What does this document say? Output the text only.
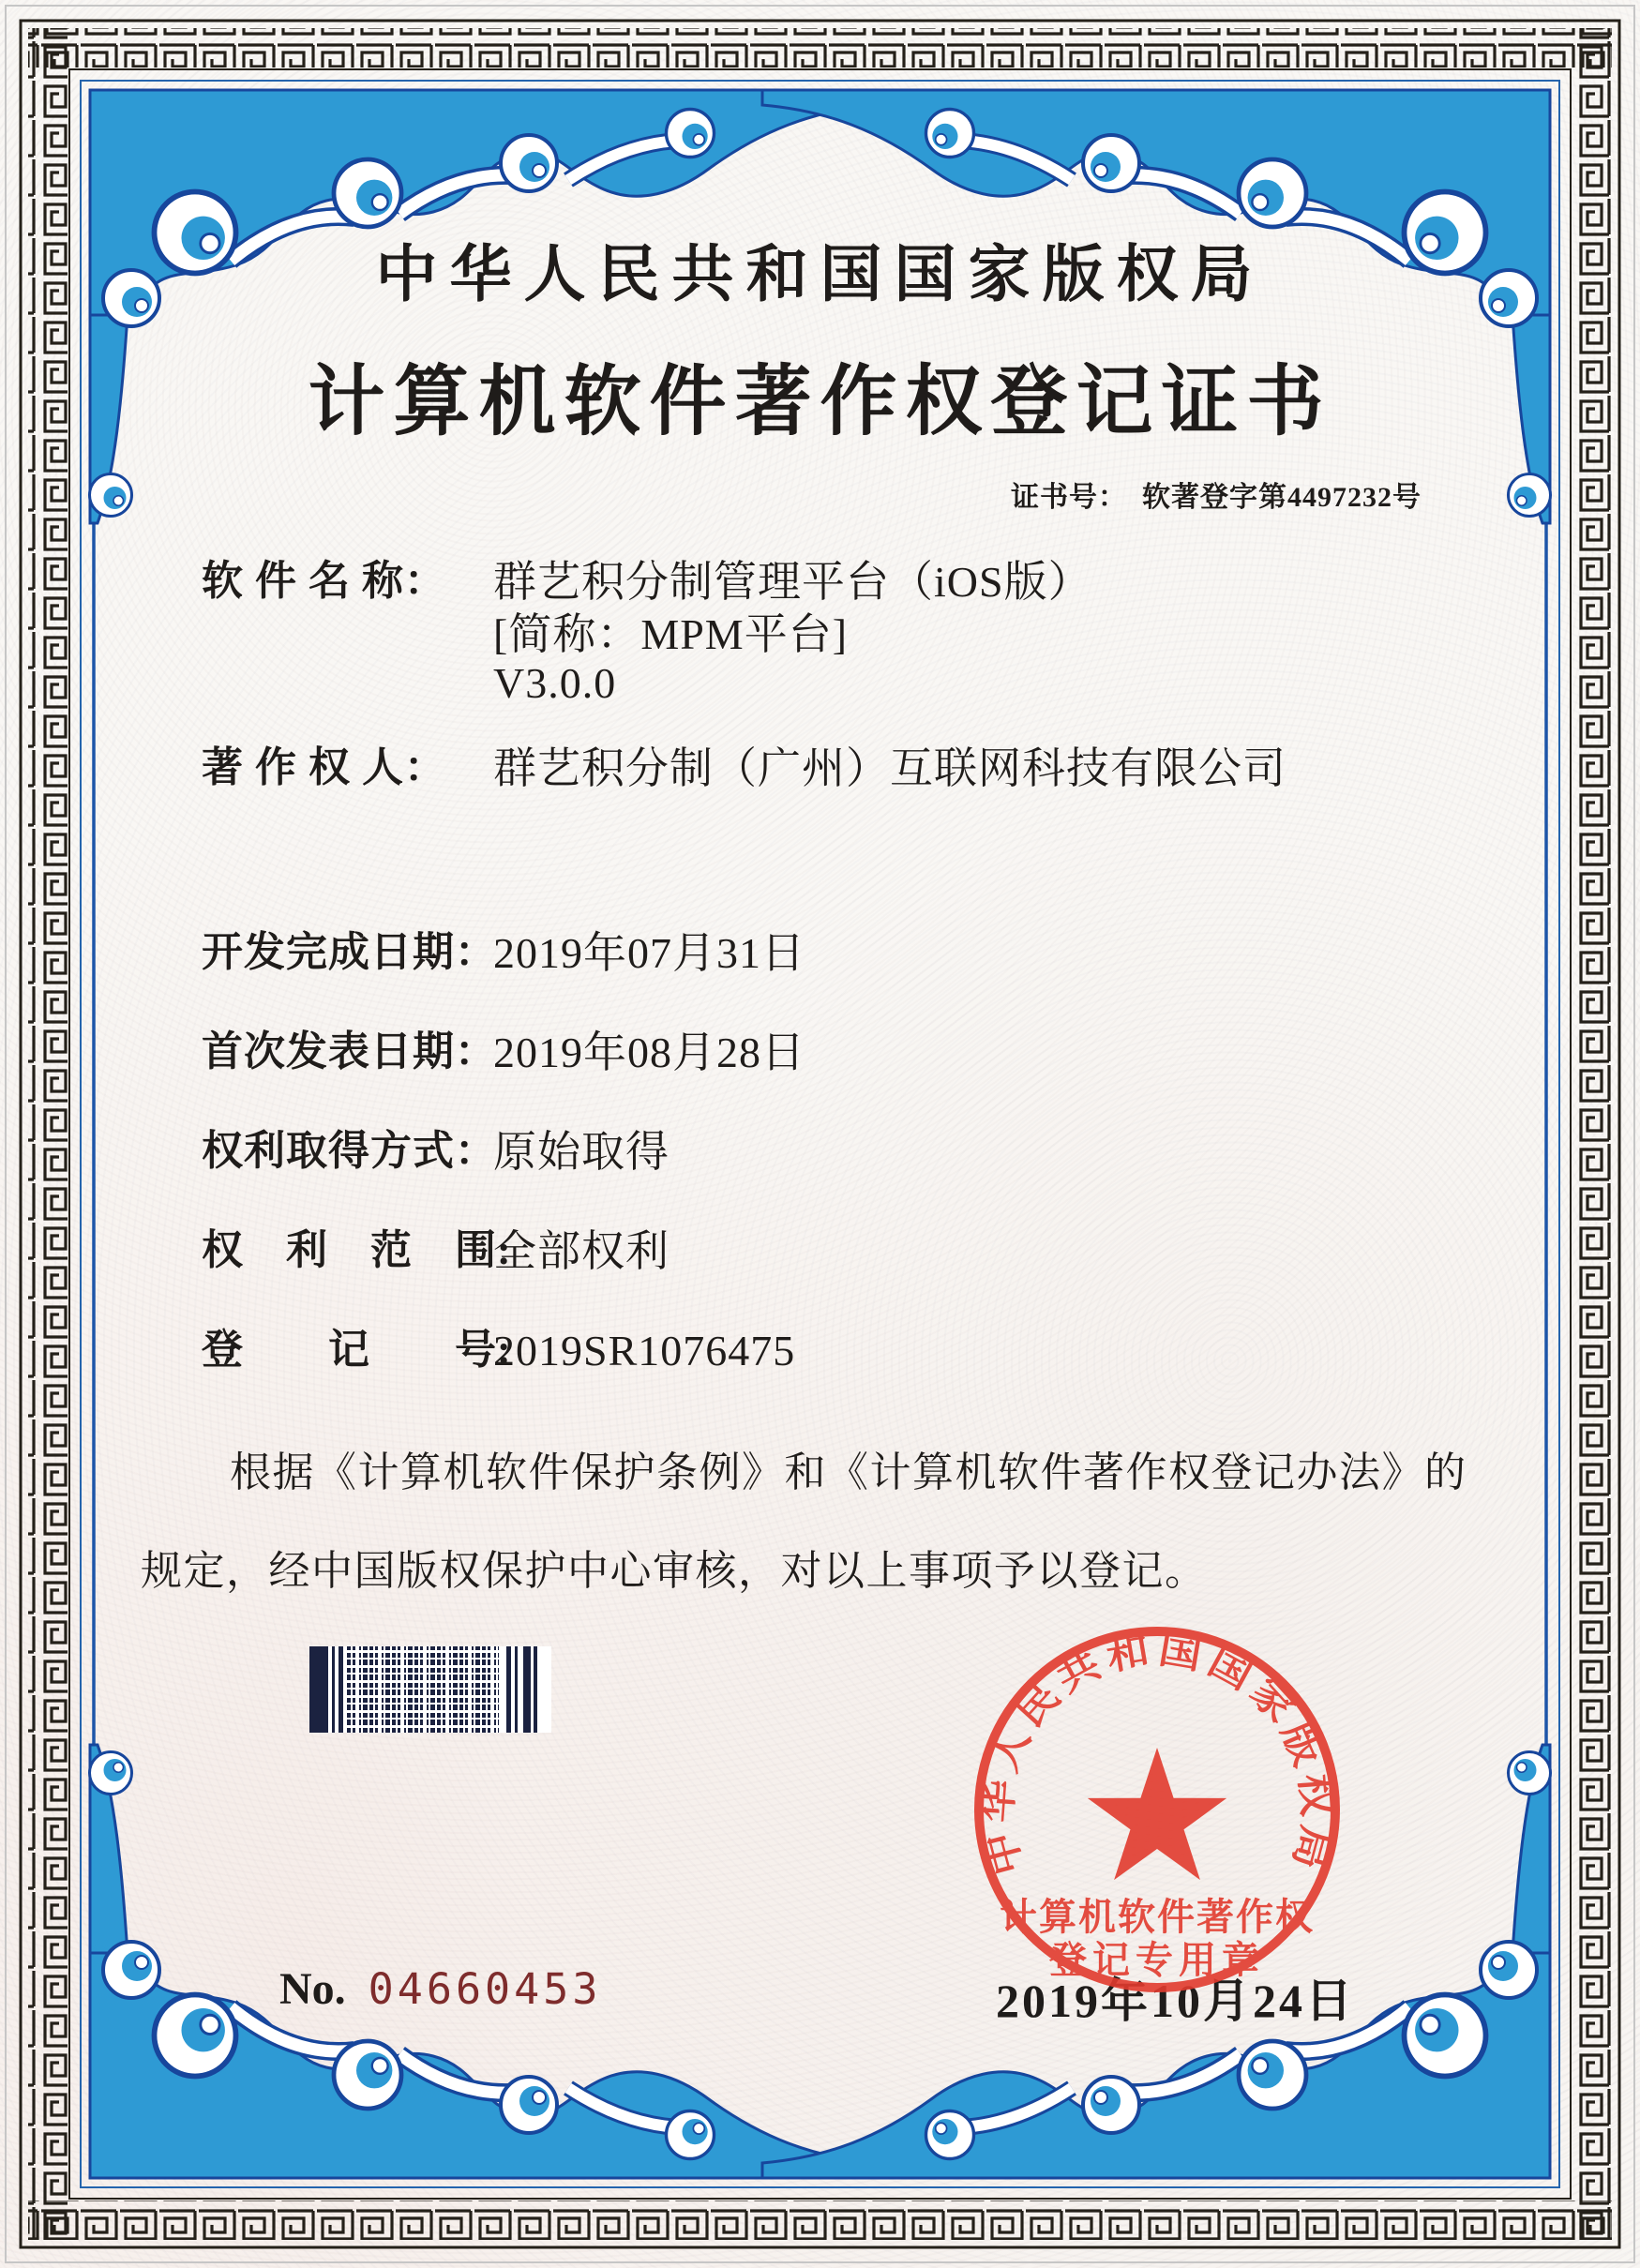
中华人民共和国国家版权局
计算机软件著作权登记证书
证书号： 软著登字第4497232号
软 件 名 称： 群艺积分制管理平台（iOS版）
[简称：MPM平台]
V3.0.0
著 作 权 人： 群艺积分制（广州）互联网科技有限公司
开发完成日期：
2019年07月31日
首次发表日期：
2019年08月28日
权利取得方式：
原始取得
权　利　范　围:
全部权利
登　　记　　号:
2019SR1076475
根据《计算机软件保护条例》和《计算机软件著作权登记办法》的
规定，经中国版权保护中心审核，对以上事项予以登记。
2019年10月24日
No. 04660453
中华人民共和国国家版权局
计算机软件著作权
登记专用章
